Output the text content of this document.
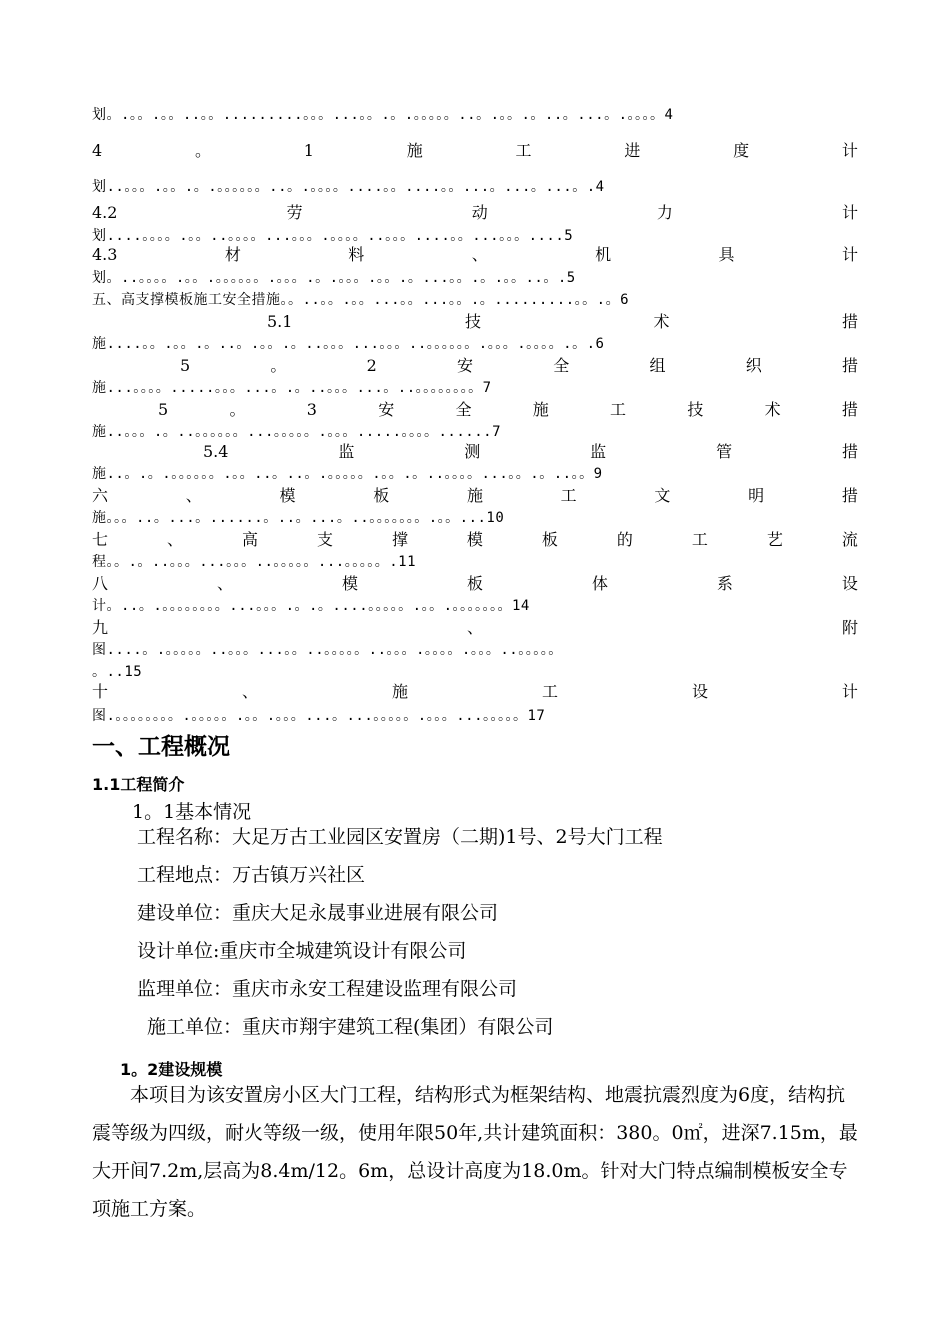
划。.。。.。。..。。.........。。。...。。.。.。。。。。..。.。。.。..。...。.。。。。4
4	。	1	施	工	进	度	计
划..。。。.。。.。.。。。。。。..。.。。。。....。。....。。...。...。...。.4
4.2	劳	动	力	计
划....。。。。.。。..。。。。...。。。.。。。。..。。。....。。...。。。....5
4.3	材	料	、	机	具	计
划。..。。。。.。。.。。。。。。.。。。.。.。。。.。。.。...。。.。.。。..。.5
五、高支撑模板施工安全措施。。..。。.。。...。。...。。.。.........。。.。6
5.1	技	术	措
施....。。.。。.。..。.。。.。..。。。...。。。..。。。。。。.。。。.。。。。.。.6
5	。	2	安	全	组	织	措
施...。。。。.....。。。...。.。..。。。...。..。。。。。。。。7
5	。	3	安	全	施	工	技	术	措
施..。。。.。..。。。。。。...。。。。。.。。。.....。。。。......7
5.4	监	测	监	管	措
施..。.。.。。。。。。.。。..。..。.。。。。。.。。.。..。。。。...。。.。..。。9
六	、	模	板	施	工	文	明	措
施。。。..。...。......。..。...。..。。。。。。。.。。...10
七	、	高	支	撑	模	板	的	工	艺	流
程。。.。..。。。...。。。..。。。。。...。。。。。.11
八	、	模	板	体	系	设
计。..。.。。。。。。。。...。。。.。.。....。。。。。.。。.。。。。。。。14
九	、	附
图....。.。。。。。..。。。...。。..。。。。。..。。。.。。。。.。。。..。。。。。
。..15
十	、	施	工	设	计
图.。。。。。。。。.。。。。。.。。.。。。...。...。。。。。.。。。...。。。。。17
一、工程概况
1.1工程简介
1。1基本情况
工程名称：大足万古工业园区安置房（二期)1号、2号大门工程
工程地点：万古镇万兴社区
建设单位：重庆大足永晟事业进展有限公司
设计单位:重庆市全城建筑设计有限公司
监理单位：重庆市永安工程建设监理有限公司
施工单位：重庆市翔宇建筑工程(集团）有限公司
1。2建设规模
本项目为该安置房小区大门工程，结构形式为框架结构、地震抗震烈度为6度，结构抗震等级为四级，耐火等级一级，使用年限50年,共计建筑面积：380。0㎡，进深7.15m，最大开间7.2m,层高为8.4m/12。6m，总设计高度为18.0m。针对大门特点编制模板安全专项施工方案。
